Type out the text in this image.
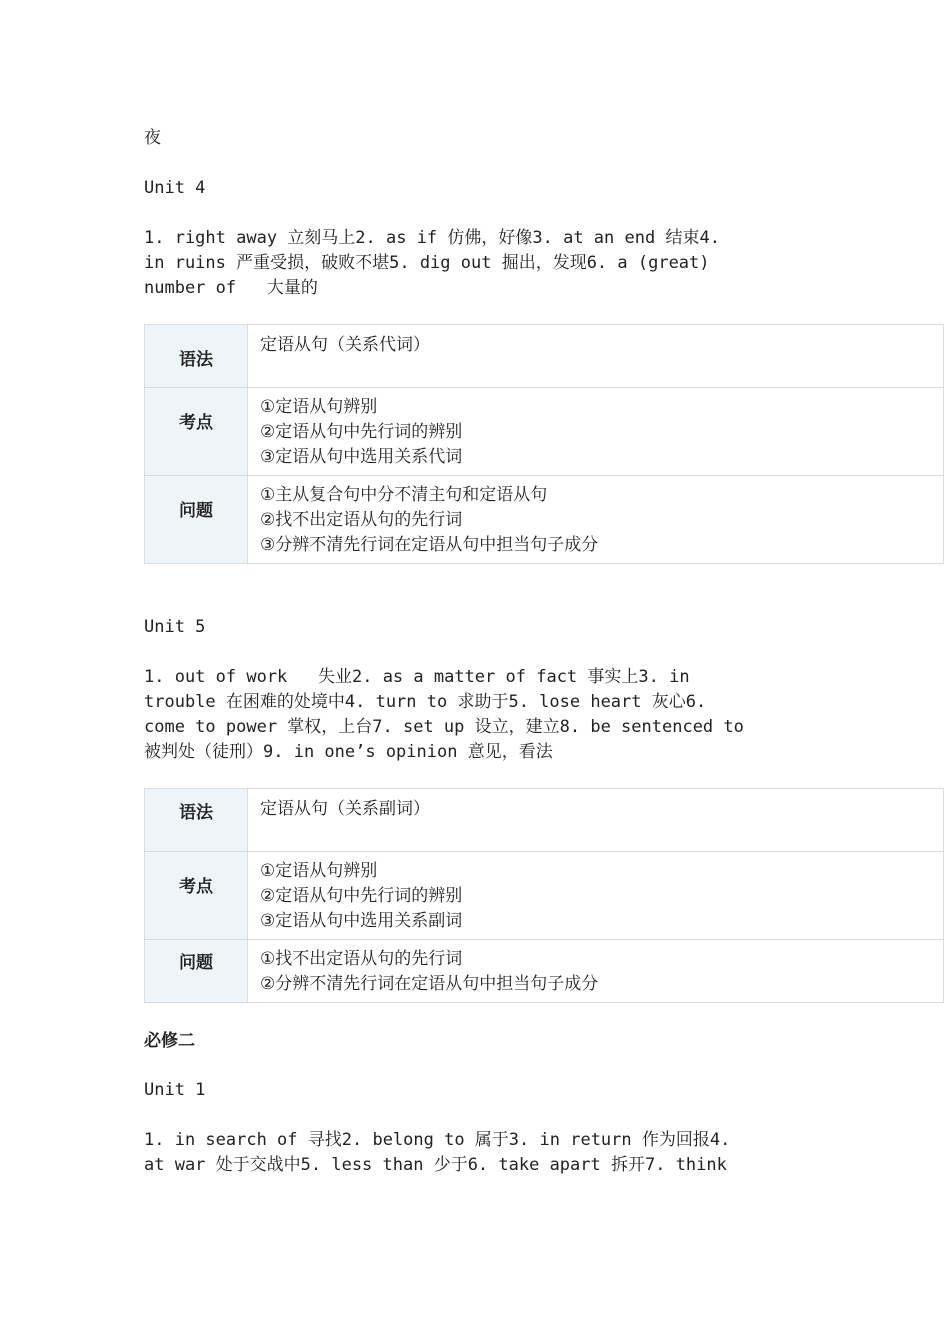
夜
Unit 4
1. right away 立刻马上2. as if 仿佛，好像3. at an end 结束4.
in ruins 严重受损，破败不堪5. dig out 掘出，发现6. a (great)
number of   大量的
语法	定语从句（关系代词）

考点	①定语从句辨别
②定语从句中先行词的辨别
③定语从句中选用关系代词

问题	①主从复合句中分不清主句和定语从句
②找不出定语从句的先行词
③分辨不清先行词在定语从句中担当句子成分
Unit 5
1. out of work   失业2. as a matter of fact 事实上3. in
trouble 在困难的处境中4. turn to 求助于5. lose heart 灰心6.
come to power 掌权，上台7. set up 设立，建立8. be sentenced to
被判处（徒刑）9. in one’s opinion 意见，看法
语法	定语从句（关系副词）

考点	①定语从句辨别
②定语从句中先行词的辨别
③定语从句中选用关系副词

问题	①找不出定语从句的先行词
②分辨不清先行词在定语从句中担当句子成分
必修二
Unit 1
1. in search of 寻找2. belong to 属于3. in return 作为回报4.
at war 处于交战中5. less than 少于6. take apart 拆开7. think
